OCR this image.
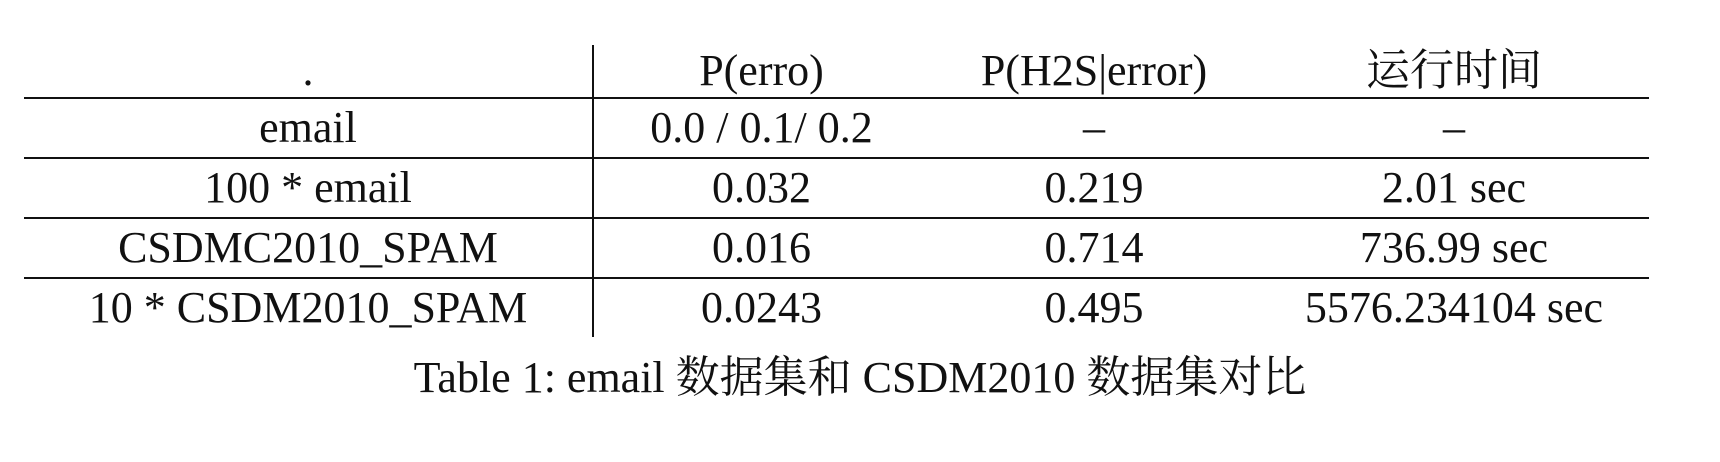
.	P(erro)	P(H2S|error)	运行时间
email	0.0 / 0.1/ 0.2	–	–
100 * email	0.032	0.219	2.01 sec
CSDMC2010_SPAM	0.016	0.714	736.99 sec
10 * CSDM2010_SPAM	0.0243	0.495	5576.234104 sec
Table 1: email 数据集和 CSDM2010 数据集对比
